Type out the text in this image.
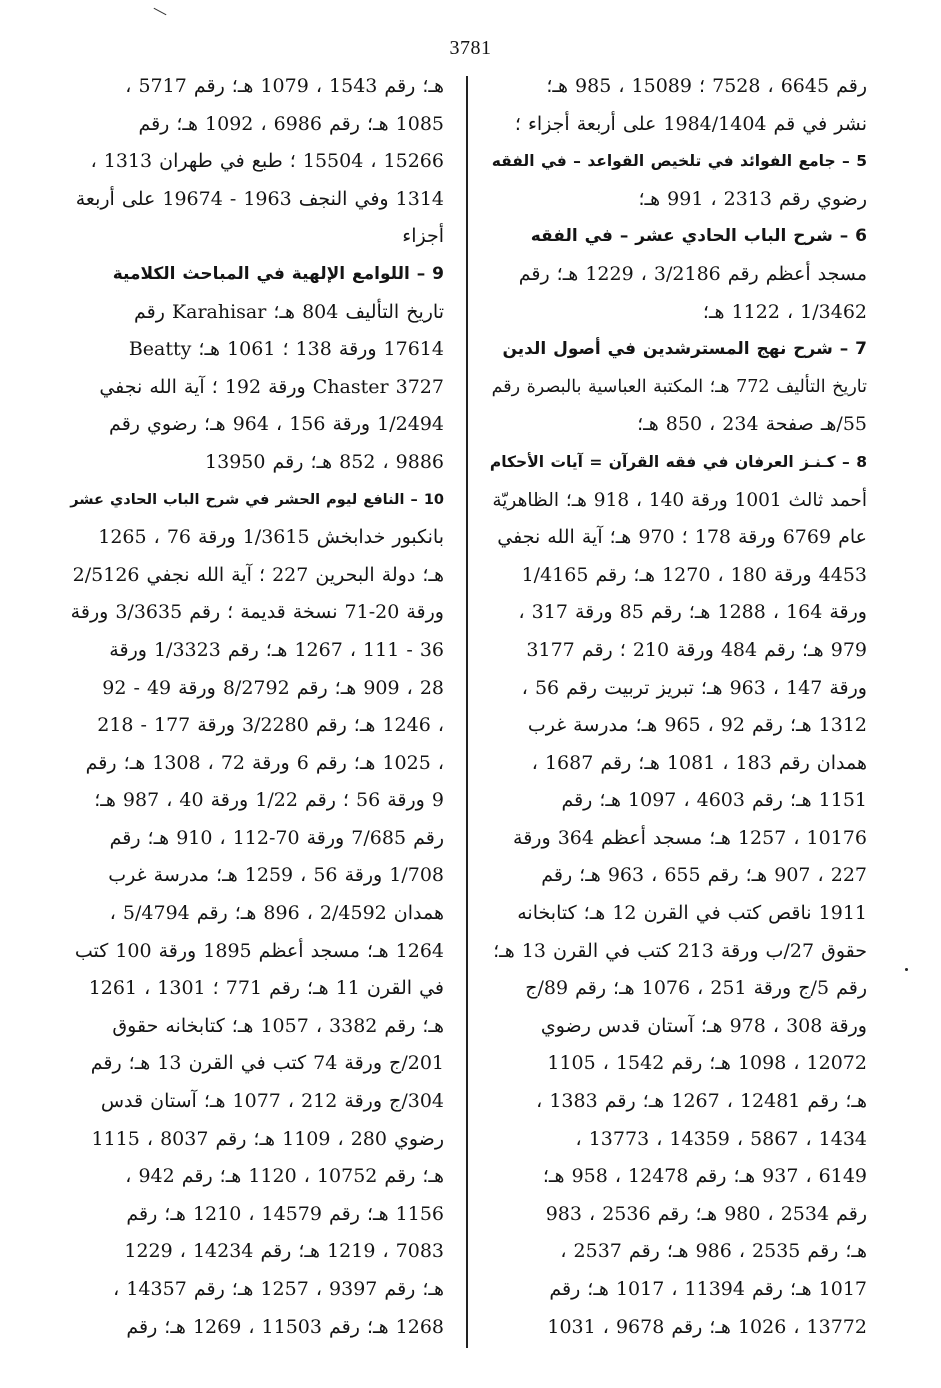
3781
رقم 6645 ، 7528 ؛ 15089 ، 985 هـ؛
نشر في قم 1984/1404 على أربعة أجزاء ؛
5 – جامع الفوائد في تلخيص القواعد – في الفقه
رضوي رقم 2313 ، 991 هـ؛
6 – شرح الباب الحادي عشر – في الفقه
مسجد أعظم رقم 3/2186 ، 1229 هـ؛ رقم
1/3462 ، 1122 هـ؛
7 – شرح نهج المسترشدين في أصول الدين
تاريخ التأليف 772 هـ؛ المكتبة العباسية بالبصرة رقم
55/هـ صفحة 234 ، 850 هـ؛
8 – كـنـز العرفان في فقه القرآن = آيات الأحكام
أحمد ثالث 1001 ورقة 140 ، 918 هـ؛ الظاهريّة
عام 6769 ورقة 178 ؛ 970 هـ؛ آية الله نجفي
4453 ورقة 180 ، 1270 هـ؛ رقم 1/4165
ورقة 164 ، 1288 هـ؛ رقم 85 ورقة 317 ،
979 هـ؛ رقم 484 ورقة 210 ؛ رقم 3177
ورقة 147 ، 963 هـ؛ تبريز تربيت رقم 56 ،
1312 هـ؛ رقم 92 ، 965 هـ؛ مدرسة غرب
همدان رقم 183 ، 1081 هـ؛ رقم 1687 ،
1151 هـ؛ رقم 4603 ، 1097 هـ؛ رقم
10176 ، 1257 هـ؛ مسجد أعظم 364 ورقة
227 ، 907 هـ؛ رقم 655 ، 963 هـ؛ رقم
1911 ناقص كتب في القرن 12 هـ؛ كتابخانه
حقوق 27/ب ورقة 213 كتب في القرن 13 هـ؛
رقم 5/ج ورقة 251 ، 1076 هـ؛ رقم 89/ج
ورقة 308 ، 978 هـ؛ آستان قدس رضوي
12072 ، 1098 هـ؛ رقم 1542 ، 1105
هـ؛ رقم 12481 ، 1267 هـ؛ رقم 1383 ،
1434 ، 5867 ، 14359 ، 13773 ،
6149 ، 937 هـ؛ رقم 12478 ، 958 هـ؛
رقم 2534 ، 980 هـ؛ رقم 2536 ، 983
هـ؛ رقم 2535 ، 986 هـ؛ رقم 2537 ،
1017 هـ؛ رقم 11394 ، 1017 هـ؛ رقم
13772 ، 1026 هـ؛ رقم 9678 ، 1031
هـ؛ رقم 1543 ، 1079 هـ؛ رقم 5717 ،
1085 هـ؛ رقم 6986 ، 1092 هـ؛ رقم
15266 ، 15504 ؛ طبع في طهران 1313 ،
1314 وفي النجف 1963 - 19674 على أربعة
أجزاء
9 – اللوامع الإلهية في المباحث الكلامية
تاريخ التأليف 804 هـ؛ Karahisar رقم
17614 ورقة 138 ؛ 1061 هـ؛ Beatty
Chaster 3727 ورقة 192 ؛ آية الله نجفي
1/2494 ورقة 156 ، 964 هـ؛ رضوي رقم
9886 ، 852 هـ؛ رقم 13950
10 – النافع ليوم الحشر في شرح الباب الحادي عشر
بانكبور خدابخش 1/3615 ورقة 76 ، 1265
هـ؛ دولة البحرين 227 ؛ آية الله نجفي 2/5126
ورقة 20-71 نسخة قديمة ؛ رقم 3/3635 ورقة
36 - 111 ، 1267 هـ؛ رقم 1/3323 ورقة
28 ، 909 هـ؛ رقم 8/2792 ورقة 49 - 92
، 1246 هـ؛ رقم 3/2280 ورقة 177 - 218
، 1025 هـ؛ رقم 6 ورقة 72 ، 1308 هـ؛ رقم
9 ورقة 56 ؛ رقم 1/22 ورقة 40 ، 987 هـ؛
رقم 7/685 ورقة 70-112 ، 910 هـ؛ رقم
1/708 ورقة 56 ، 1259 هـ؛ مدرسة غرب
همدان 2/4592 ، 896 هـ؛ رقم 5/4794 ،
1264 هـ؛ مسجد أعظم 1895 ورقة 100 كتب
في القرن 11 هـ؛ رقم 771 ؛ 1301 ، 1261
هـ؛ رقم 3382 ، 1057 هـ؛ كتابخانه حقوق
201/ج ورقة 74 كتب في القرن 13 هـ؛ رقم
304/ج ورقة 212 ، 1077 هـ؛ آستان قدس
رضوي 280 ، 1109 هـ؛ رقم 8037 ، 1115
هـ؛ رقم 10752 ، 1120 هـ؛ رقم 942 ،
1156 هـ؛ رقم 14579 ، 1210 هـ؛ رقم
7083 ، 1219 هـ؛ رقم 14234 ، 1229
هـ؛ رقم 9397 ، 1257 هـ؛ رقم 14357 ،
1268 هـ؛ رقم 11503 ، 1269 هـ؛ رقم
